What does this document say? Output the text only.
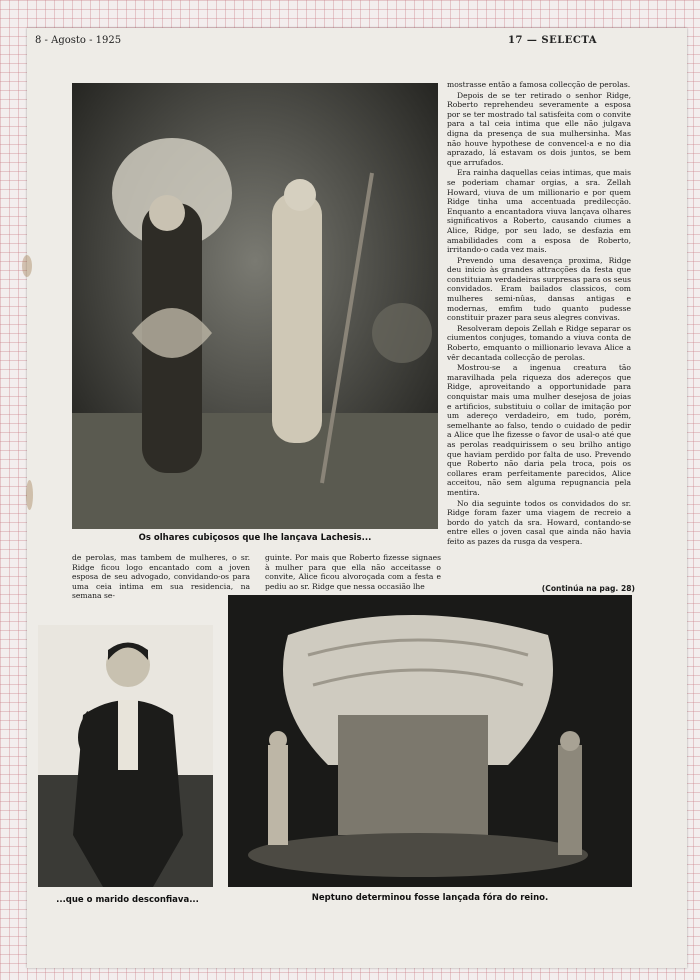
8 - Agosto - 1925	17 — SELECTA
Os olhares cubiçosos que lhe lançava Lachesis...

mostrasse então a famosa collecção de perolas.

Depois de se ter retirado o senhor Ridge, Roberto reprehendeu severamente a esposa por se ter mostrado tal satisfeita com o convite para a tal ceia intima que elle não julgava digna da presença de sua mulhersinha. Mas não houve hypothese de convencel-a e no dia aprazado, lá estavam os dois juntos, se bem que arrufados.

Era rainha daquellas ceias intimas, que mais se poderiam chamar orgias, a sra. Zellah Howard, viuva de um millionario e por quem Ridge tinha uma accentuada predilecção. Enquanto a encantadora viuva lançava olhares significativos a Roberto, causando ciumes a Alice, Ridge, por seu lado, se desfazia em amabilidades com a esposa de Roberto, irritando-o cada vez mais.

Prevendo uma desavença proxima, Ridge deu inicio às grandes attracções da festa que constituiam verdadeiras surpresas para os seus convidados. Eram bailados classicos, com mulheres semi-nûas, dansas antigas e modernas, emfim tudo quanto pudesse constituir prazer para seus alegres convivas.

Resolveram depois Zellah e Ridge separar os ciumentos conjuges, tomando a viuva conta de Roberto, emquanto o millionario levava Alice a vêr decantada collecção de perolas.

Mostrou-se a ingenua creatura tão maravilhada pela riqueza dos adereços que Ridge, aproveitando a opportunidade para conquistar mais uma mulher desejosa de joias e artificios, substituiu o collar de imitação por um adereço verdadeiro, em tudo, porém, semelhante ao falso, tendo o cuidado de pedir a Alice que lhe fizesse o favor de usal-o até que as perolas readquirissem o seu brilho antigo que haviam perdido por falta de uso. Prevendo que Roberto não daria pela troca, pois os collares eram perfeitamente parecidos, Alice acceitou, não sem alguma repugnancia pela mentira.

No dia seguinte todos os convidados do sr. Ridge foram fazer uma viagem de recreio a bordo do yatch da sra. Howard, contando-se entre elles o joven casal que ainda não havia feito as pazes da rusga da vespera.

(Continúa na pag. 28)
de perolas, mas tambem de mulheres, o sr. Ridge ficou logo encantado com a joven esposa de seu advogado, convidando-os para uma ceia intima em sua residencia, na semana se-
guinte. Por mais que Roberto fizesse signaes à mulher para que ella não acceitasse o convite, Alice ficou alvoroçada com a festa e pediu ao sr. Ridge que nessa occasião lhe
...que o marido desconfiava...	Neptuno determinou fosse lançada fóra do reino.
